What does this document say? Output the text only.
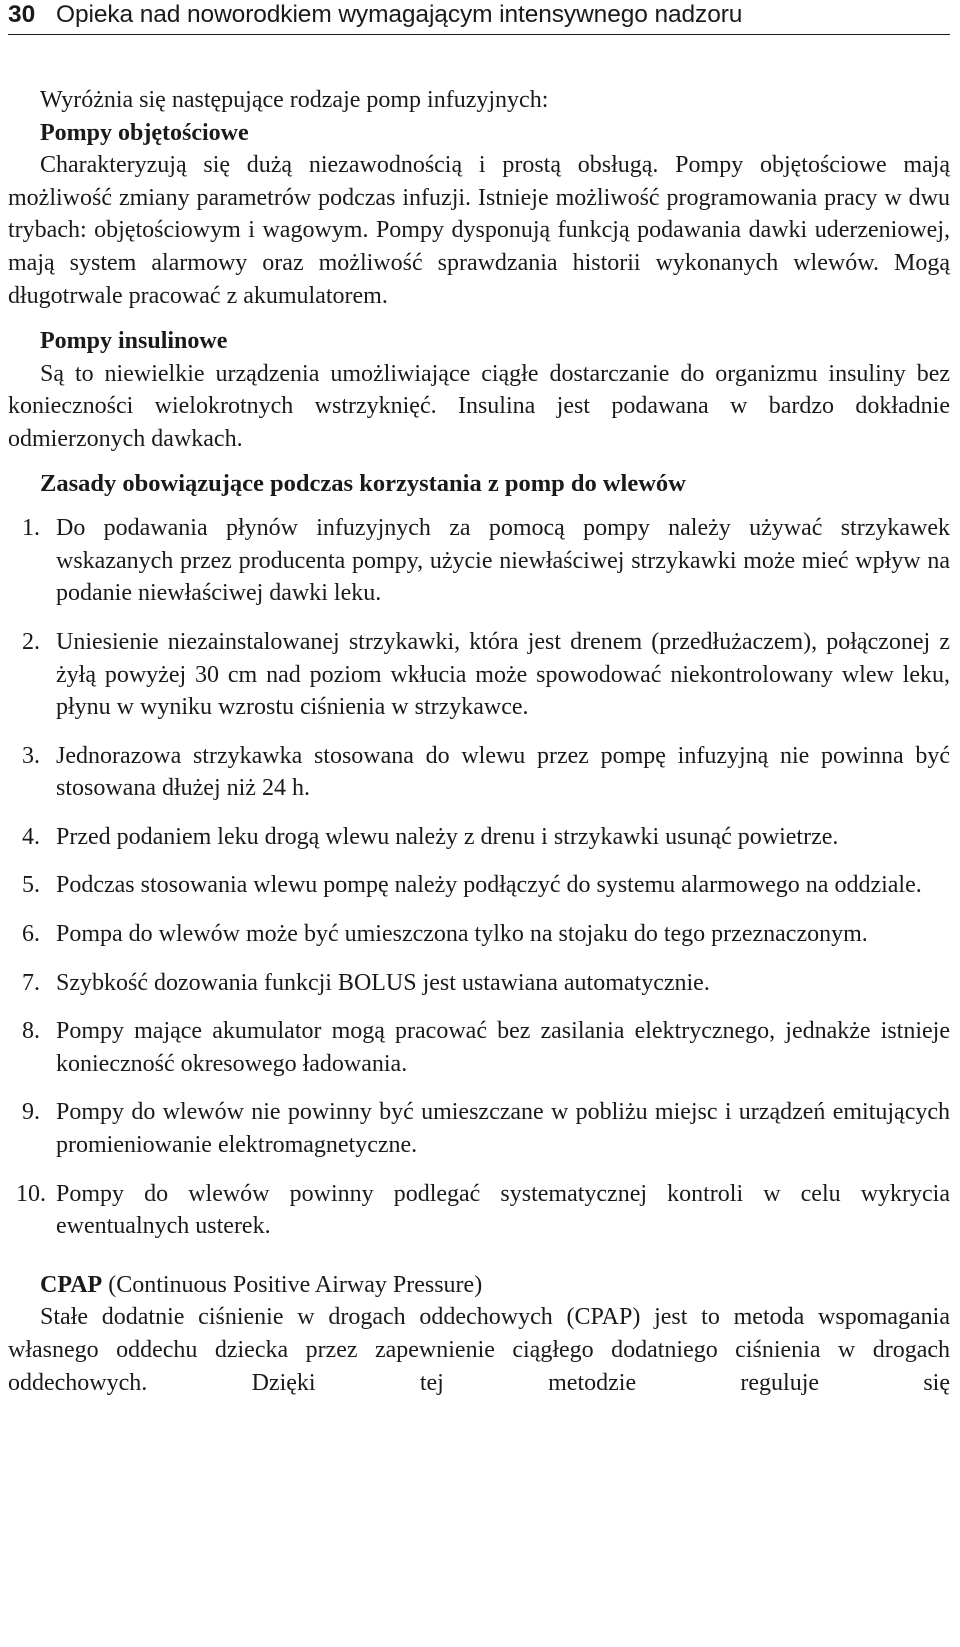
30 Opieka nad noworodkiem wymagającym intensywnego nadzoru

Wyróżnia się następujące rodzaje pomp infuzyjnych:

Pompy objętościowe

Charakteryzują się dużą niezawodnością i prostą obsługą. Pompy objętościowe mają możliwość zmiany parametrów podczas infuzji. Istnieje możliwość programowania pracy w dwu trybach: objętościowym i wagowym. Pompy dysponują funkcją podawania dawki uderzeniowej, mają system alarmowy oraz możliwość sprawdzania historii wykonanych wlewów. Mogą długotrwale pracować z akumulatorem.

Pompy insulinowe

Są to niewielkie urządzenia umożliwiające ciągłe dostarczanie do organizmu insuliny bez konieczności wielokrotnych wstrzyknięć. Insulina jest podawana w bardzo dokładnie odmierzonych dawkach.

Zasady obowiązujące podczas korzystania z pomp do wlewów

1. Do podawania płynów infuzyjnych za pomocą pompy należy używać strzykawek wskazanych przez producenta pompy, użycie niewłaściwej strzykawki może mieć wpływ na podanie niewłaściwej dawki leku.
2. Uniesienie niezainstalowanej strzykawki, która jest drenem (przedłużaczem), połączonej z żyłą powyżej 30 cm nad poziom wkłucia może spowodować niekontrolowany wlew leku, płynu w wyniku wzrostu ciśnienia w strzykawce.
3. Jednorazowa strzykawka stosowana do wlewu przez pompę infuzyjną nie powinna być stosowana dłużej niż 24 h.
4. Przed podaniem leku drogą wlewu należy z drenu i strzykawki usunąć powietrze.
5. Podczas stosowania wlewu pompę należy podłączyć do systemu alarmowego na oddziale.
6. Pompa do wlewów może być umieszczona tylko na stojaku do tego przeznaczonym.
7. Szybkość dozowania funkcji BOLUS jest ustawiana automatycznie.
8. Pompy mające akumulator mogą pracować bez zasilania elektrycznego, jednakże istnieje konieczność okresowego ładowania.
9. Pompy do wlewów nie powinny być umieszczane w pobliżu miejsc i urządzeń emitujących promieniowanie elektromagnetyczne.
10. Pompy do wlewów powinny podlegać systematycznej kontroli w celu wykrycia ewentualnych usterek.

CPAP (Continuous Positive Airway Pressure)

Stałe dodatnie ciśnienie w drogach oddechowych (CPAP) jest to metoda wspomagania własnego oddechu dziecka przez zapewnienie ciągłego dodatniego ciśnienia w drogach oddechowych. Dzięki tej metodzie reguluje się
